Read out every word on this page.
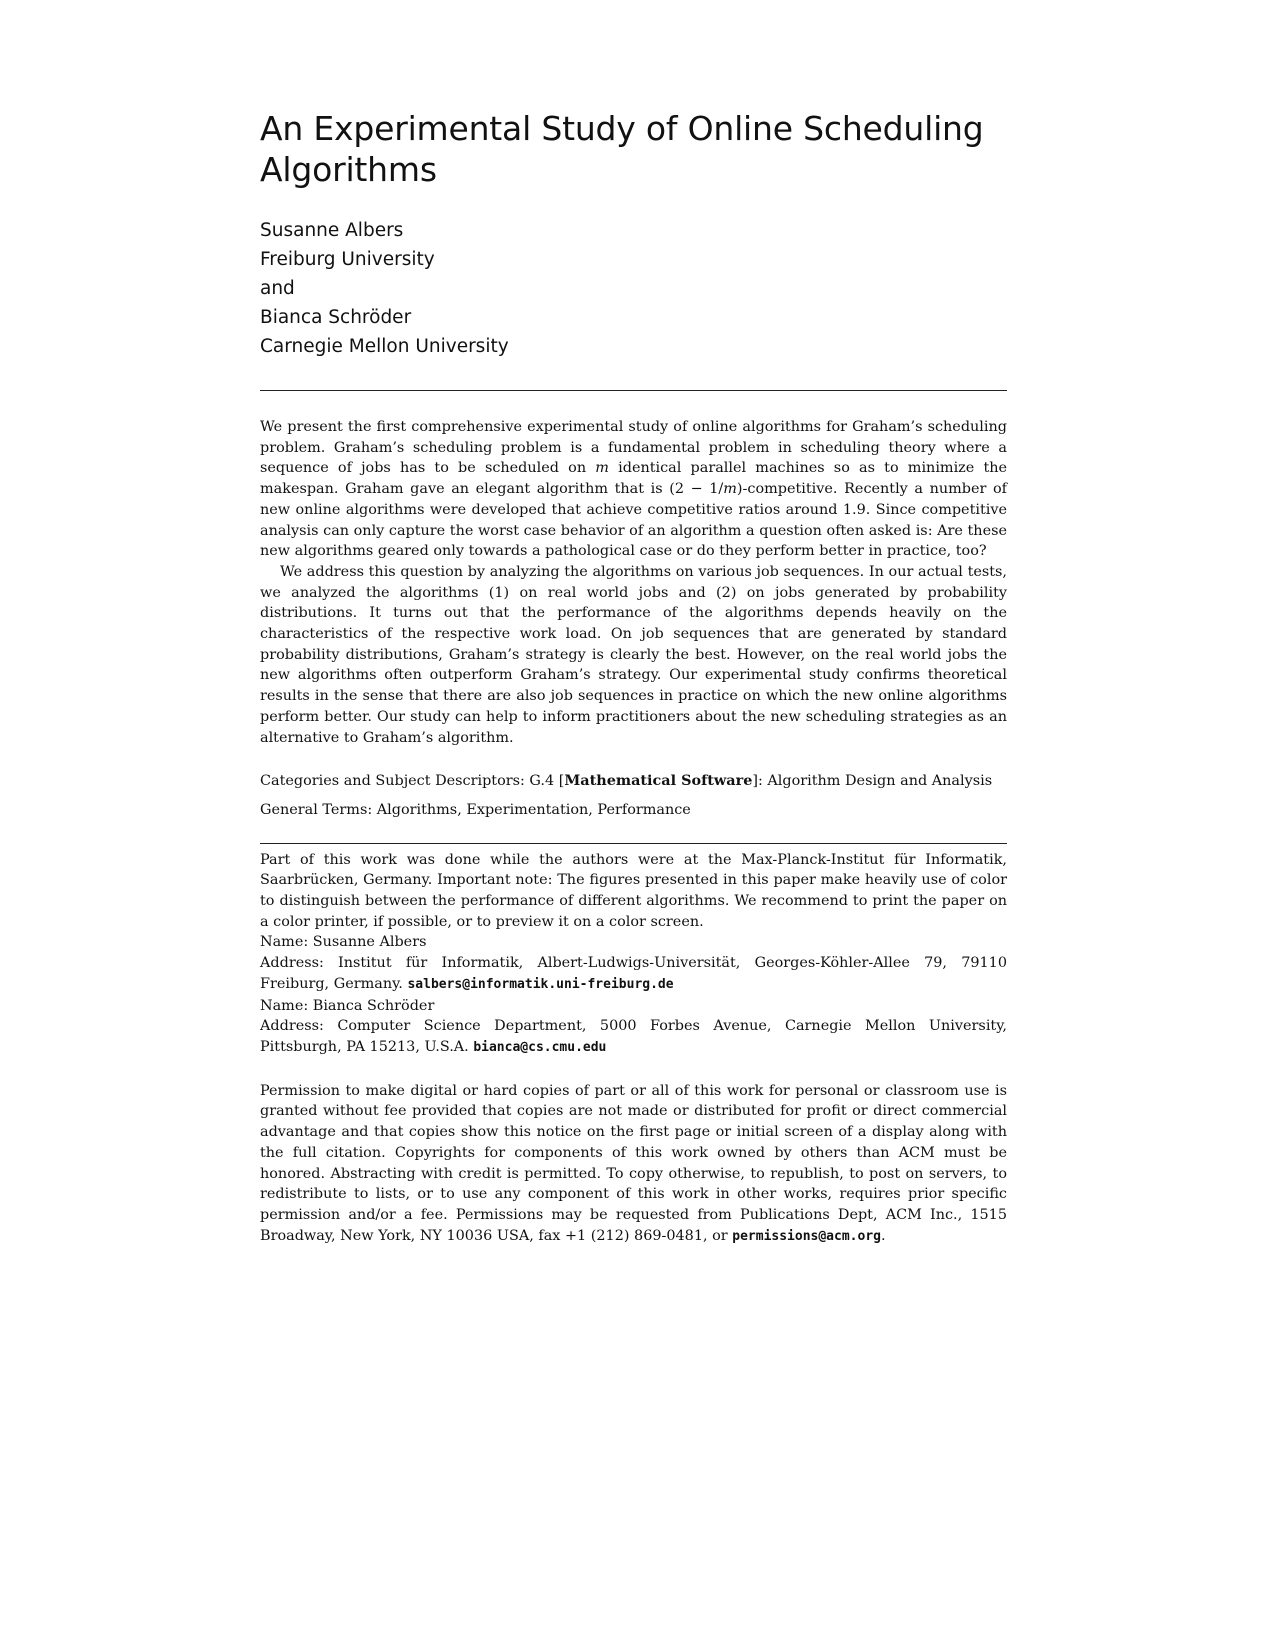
An Experimental Study of Online Scheduling Algorithms
Susanne Albers
Freiburg University
and
Bianca Schröder
Carnegie Mellon University

We present the first comprehensive experimental study of online algorithms for Graham’s scheduling problem. Graham’s scheduling problem is a fundamental problem in scheduling theory where a sequence of jobs has to be scheduled on m identical parallel machines so as to minimize the makespan. Graham gave an elegant algorithm that is (2 − 1/m)-competitive. Recently a number of new online algorithms were developed that achieve competitive ratios around 1.9. Since competitive analysis can only capture the worst case behavior of an algorithm a question often asked is: Are these new algorithms geared only towards a pathological case or do they perform better in practice, too?

We address this question by analyzing the algorithms on various job sequences. In our actual tests, we analyzed the algorithms (1) on real world jobs and (2) on jobs generated by probability distributions. It turns out that the performance of the algorithms depends heavily on the characteristics of the respective work load. On job sequences that are generated by standard probability distributions, Graham’s strategy is clearly the best. However, on the real world jobs the new algorithms often outperform Graham’s strategy. Our experimental study confirms theoretical results in the sense that there are also job sequences in practice on which the new online algorithms perform better. Our study can help to inform practitioners about the new scheduling strategies as an alternative to Graham’s algorithm.

Categories and Subject Descriptors: G.4 [Mathematical Software]: Algorithm Design and Analysis
General Terms: Algorithms, Experimentation, Performance

Part of this work was done while the authors were at the Max-Planck-Institut für Informatik, Saarbrücken, Germany. Important note: The figures presented in this paper make heavily use of color to distinguish between the performance of different algorithms. We recommend to print the paper on a color printer, if possible, or to preview it on a color screen.

Name: Susanne Albers

Address: Institut für Informatik, Albert-Ludwigs-Universität, Georges-Köhler-Allee 79, 79110 Freiburg, Germany. salbers@informatik.uni-freiburg.de

Name: Bianca Schröder

Address: Computer Science Department, 5000 Forbes Avenue, Carnegie Mellon University, Pittsburgh, PA 15213, U.S.A. bianca@cs.cmu.edu

Permission to make digital or hard copies of part or all of this work for personal or classroom use is granted without fee provided that copies are not made or distributed for profit or direct commercial advantage and that copies show this notice on the first page or initial screen of a display along with the full citation. Copyrights for components of this work owned by others than ACM must be honored. Abstracting with credit is permitted. To copy otherwise, to republish, to post on servers, to redistribute to lists, or to use any component of this work in other works, requires prior specific permission and/or a fee. Permissions may be requested from Publications Dept, ACM Inc., 1515 Broadway, New York, NY 10036 USA, fax +1 (212) 869-0481, or permissions@acm.org.
